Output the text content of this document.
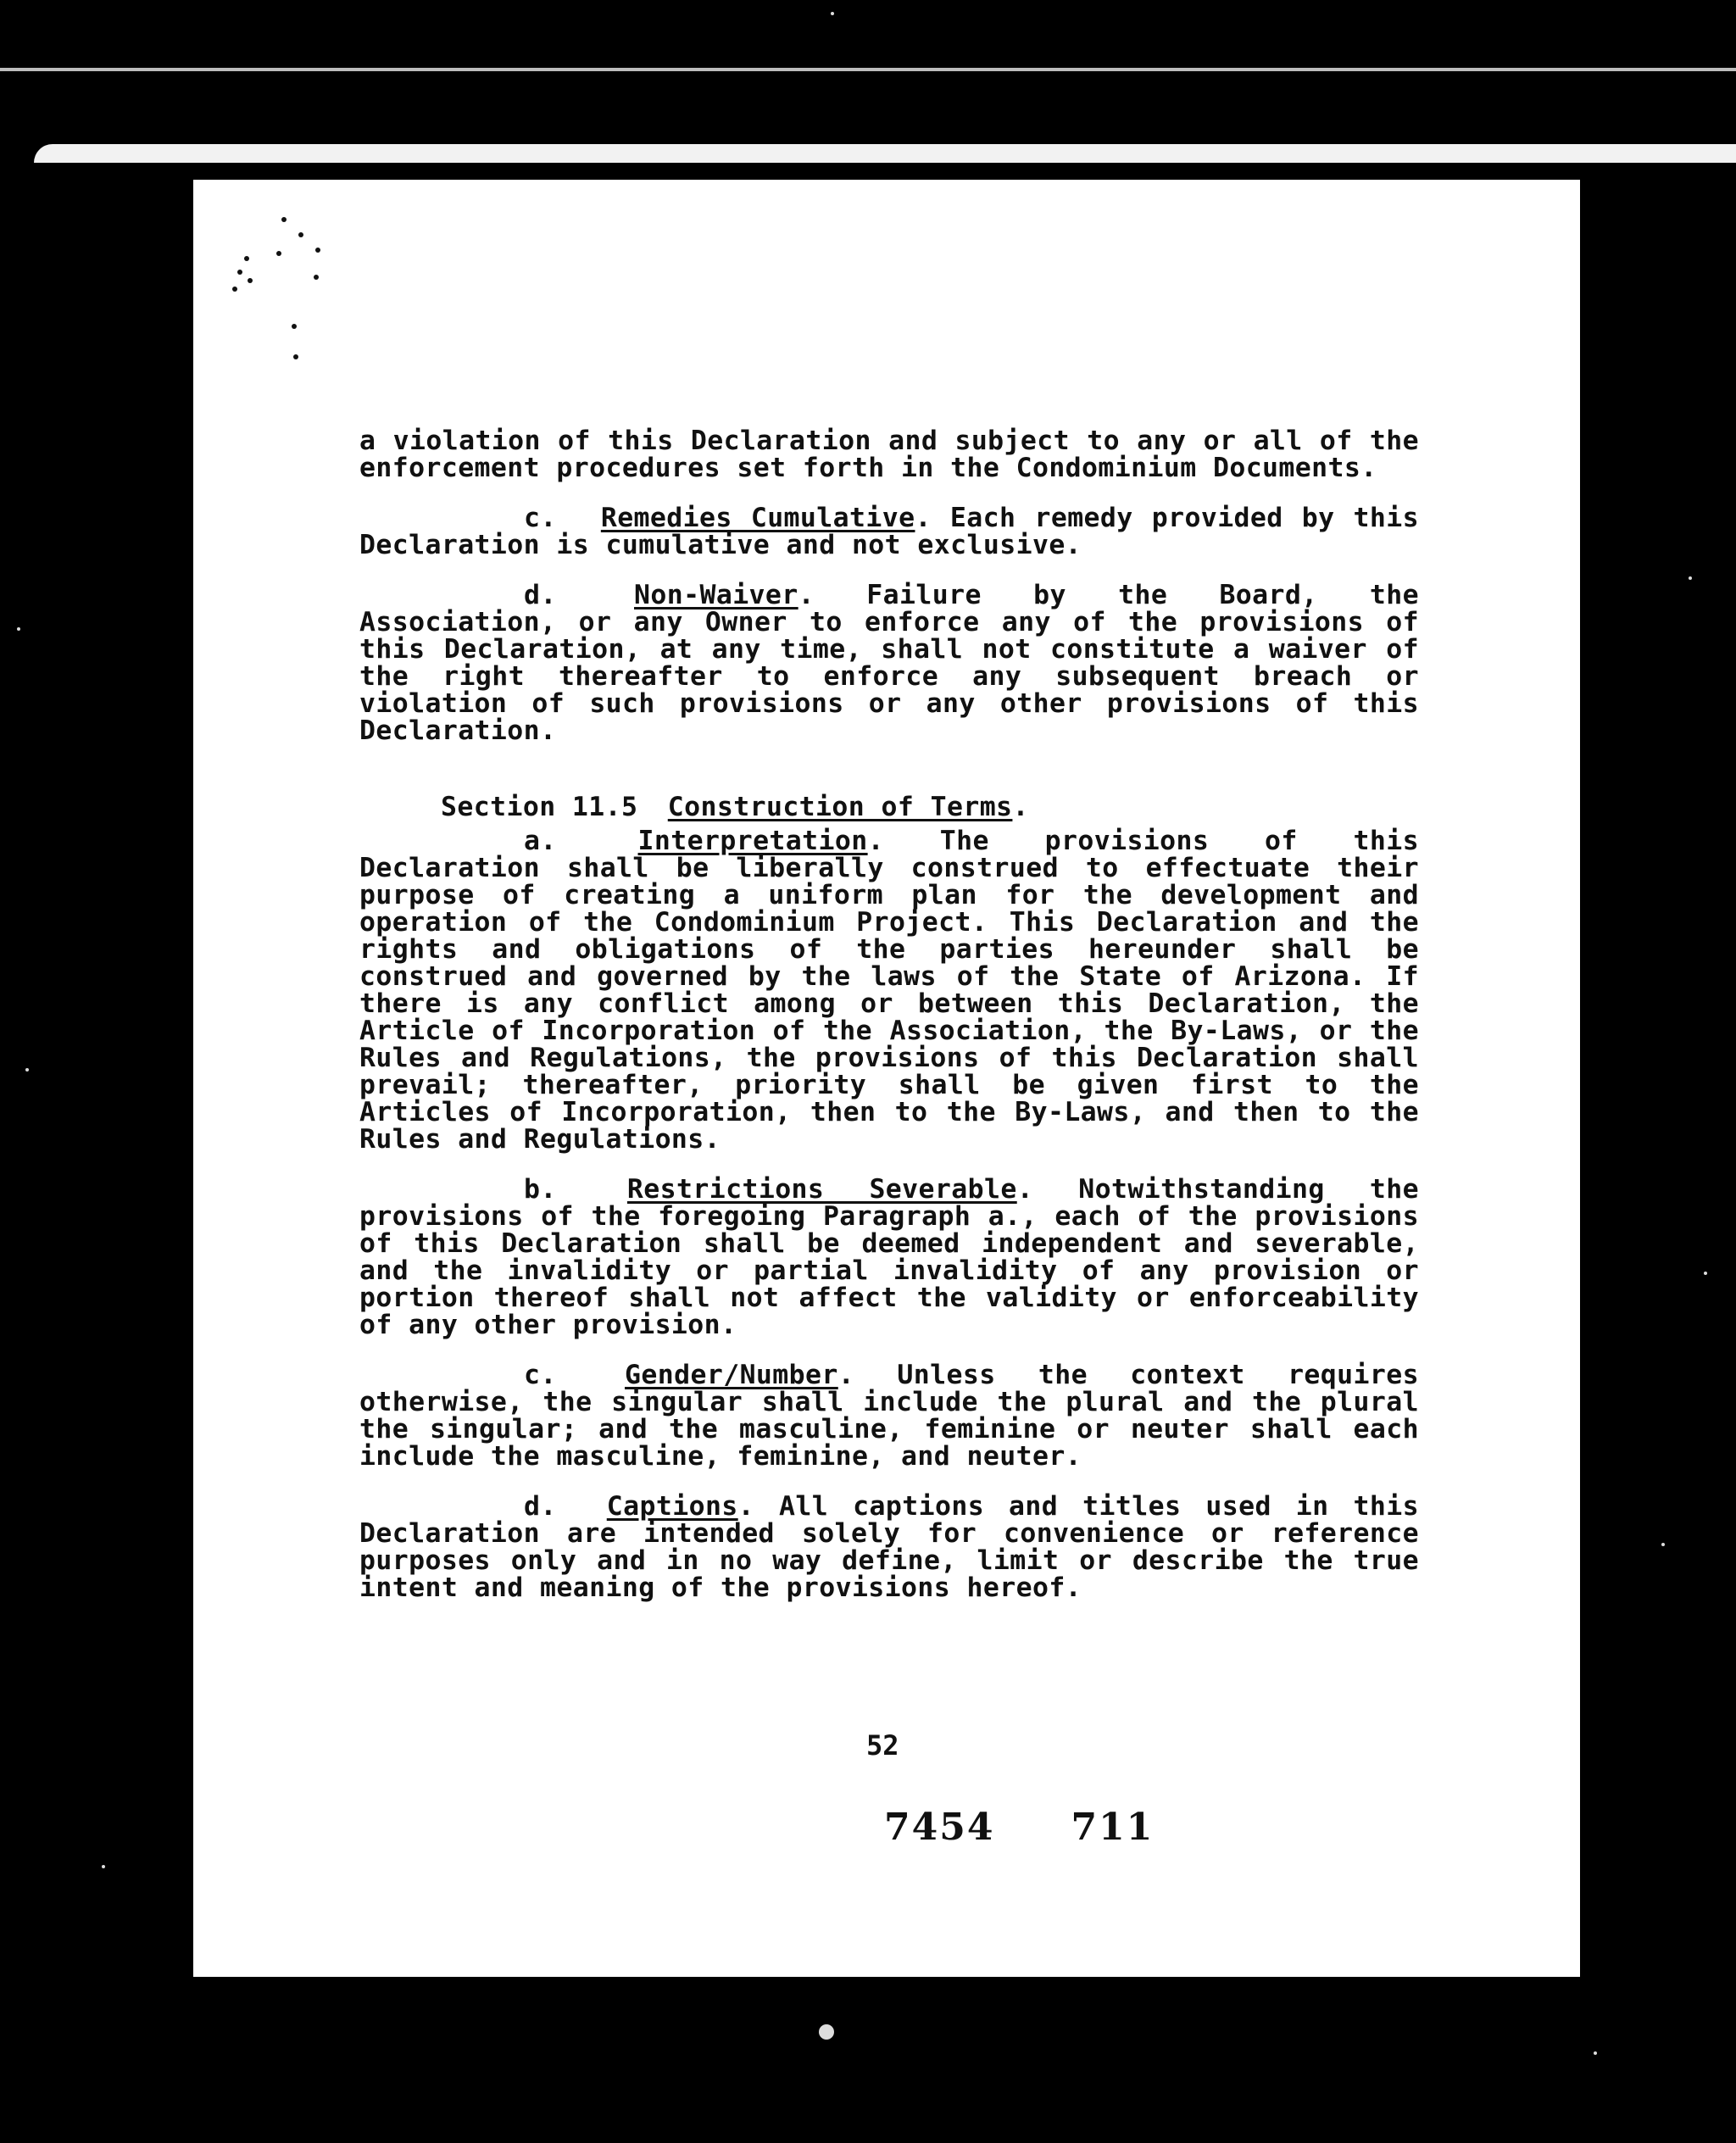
a violation of this Declaration and subject to any or all of the enforcement procedures set forth in the Condominium Documents.

c. Remedies Cumulative. Each remedy provided by this Declaration is cumulative and not exclusive.

d.	Non-Waiver. Failure by the Board, the Association, or any Owner to enforce any of the provisions of this Declaration, at any time, shall not constitute a waiver of the right thereafter to enforce any subsequent breach or violation of such provisions or any other provisions of this Declaration.

Section 11.5 Construction of Terms.

a.	Interpretation. The provisions of this Declaration shall be liberally construed to effectuate their purpose of creating a uniform plan for the development and operation of the Condominium Project. This Declaration and the rights and obligations of the parties hereunder shall be construed and governed by the laws of the State of Arizona. If there is any conflict among or between this Declaration, the Article of Incorporation of the Association, the By-Laws, or the Rules and Regulations, the provisions of this Declaration shall prevail; thereafter, priority shall be given first to the Articles of Incorporation, then to the By-Laws, and then to the Rules and Regulations.

b.	Restrictions Severable. Notwithstanding the provisions of the foregoing Paragraph a., each of the provisions of this Declaration shall be deemed independent and severable, and the invalidity or partial invalidity of any provision or portion thereof shall not affect the validity or enforceability of any other provision.

c.	Gender/Number. Unless the context requires otherwise, the singular shall include the plural and the plural the singular; and the masculine, feminine or neuter shall each include the masculine, feminine, and neuter.

d. Captions. All captions and titles used in this Declaration are intended solely for convenience or reference purposes only and in no way define, limit or describe the true intent and meaning of the provisions hereof.

52
7454 711
